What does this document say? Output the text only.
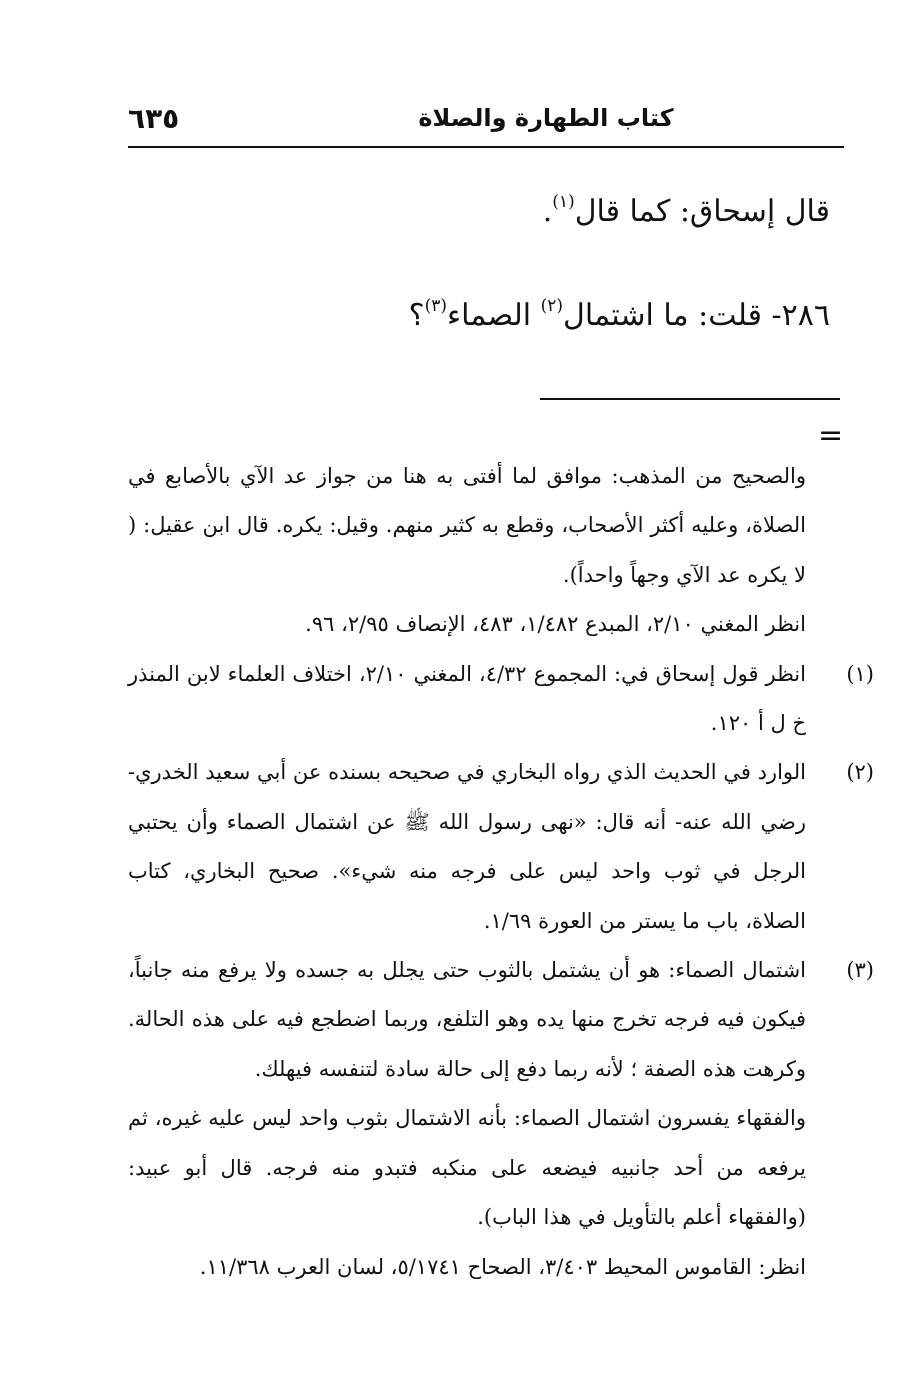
٦٣٥	كتاب الطهارة والصلاة
قال إسحاق: كما قال$^{(١)}$.
٢٨٦- قلت: ما اشتمال$^{(٢)}$ الصماء$^{(٣)}$؟
=

والصحيح من المذهب: موافق لما أفتى به هنا من جواز عد الآي بالأصابع في الصلاة، وعليه أكثر الأصحاب، وقطع به كثير منهم. وقيل: يكره. قال ابن عقيل: ( لا يكره عد الآي وجهاً واحداً).

انظر المغني ٢/١٠، المبدع ١/٤٨٢، ٤٨٣، الإنصاف ٢/٩٥، ٩٦.

(١)انظر قول إسحاق في: المجموع ٤/٣٢، المغني ٢/١٠، اختلاف العلماء لابن المنذر خ ل أ ١٢٠.

(٢)الوارد في الحديث الذي رواه البخاري في صحيحه بسنده عن أبي سعيد الخدري- رضي الله عنه- أنه قال: «نهى رسول الله ﷺ عن اشتمال الصماء وأن يحتبي الرجل في ثوب واحد ليس على فرجه منه شيء». صحيح البخاري، كتاب الصلاة، باب ما يستر من العورة ١/٦٩.

(٣)اشتمال الصماء: هو أن يشتمل بالثوب حتى يجلل به جسده ولا يرفع منه جانباً، فيكون فيه فرجه تخرج منها يده وهو التلفع، وربما اضطجع فيه على هذه الحالة. وكرهت هذه الصفة ؛ لأنه ربما دفع إلى حالة سادة لتنفسه فيهلك.

والفقهاء يفسرون اشتمال الصماء: بأنه الاشتمال بثوب واحد ليس عليه غيره، ثم يرفعه من أحد جانبيه فيضعه على منكبه فتبدو منه فرجه. قال أبو عبيد: (والفقهاء أعلم بالتأويل في هذا الباب).

انظر: القاموس المحيط ٣/٤٠٣، الصحاح ٥/١٧٤١، لسان العرب ١١/٣٦٨.
